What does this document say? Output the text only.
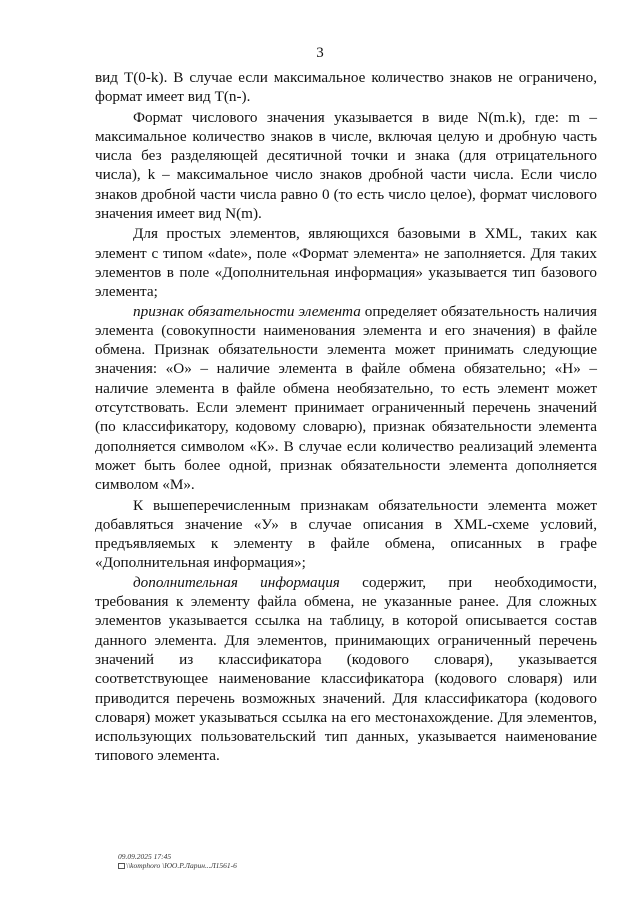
3

вид T(0-k). В случае если максимальное количество знаков не ограничено, формат имеет вид T(n-).

Формат числового значения указывается в виде N(m.k), где: m – максимальное количество знаков в числе, включая целую и дробную часть числа без разделяющей десятичной точки и знака (для отрицательного числа), k – максимальное число знаков дробной части числа. Если число знаков дробной части числа равно 0 (то есть число целое), формат числового значения имеет вид N(m).

Для простых элементов, являющихся базовыми в XML, таких как элемент с типом «date», поле «Формат элемента» не заполняется. Для таких элементов в поле «Дополнительная информация» указывается тип базового элемента;

признак обязательности элемента определяет обязательность наличия элемента (совокупности наименования элемента и его значения) в файле обмена. Признак обязательности элемента может принимать следующие значения: «О» – наличие элемента в файле обмена обязательно; «Н» – наличие элемента в файле обмена необязательно, то есть элемент может отсутствовать. Если элемент принимает ограниченный перечень значений (по классификатору, кодовому словарю), признак обязательности элемента дополняется символом «К». В случае если количество реализаций элемента может быть более одной, признак обязательности элемента дополняется символом «М».

К вышеперечисленным признакам обязательности элемента может добавляться значение «У» в случае описания в XML-схеме условий, предъявляемых к элементу в файле обмена, описанных в графе «Дополнительная информация»;

дополнительная информация содержит, при необходимости, требования к элементу файла обмена, не указанные ранее. Для сложных элементов указывается ссылка на таблицу, в которой описывается состав данного элемента. Для элементов, принимающих ограниченный перечень значений из классификатора (кодового словаря), указывается соответствующее наименование классификатора (кодового словаря) или приводится перечень возможных значений. Для классификатора (кодового словаря) может указываться ссылка на его местонахождение. Для элементов, использующих пользовательский тип данных, указывается наименование типового элемента.

09.09.2025 17:45
\\komphoro \ЮО.Р.Ларин...Л1561-6
